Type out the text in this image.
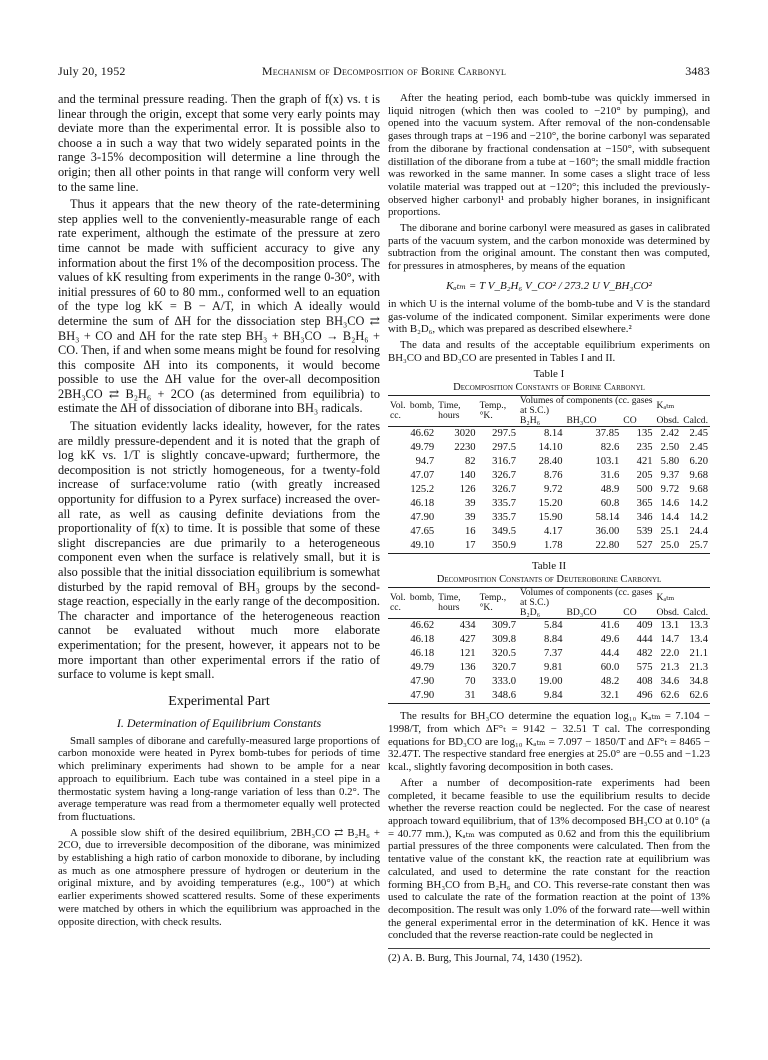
July 20, 1952	Mechanism of Decomposition of Borine Carbonyl	3483

and the terminal pressure reading. Then the graph of f(x) vs. t is linear through the origin, except that some very early points may deviate more than the experimental error. It is possible also to choose a in such a way that two widely separated points in the range 3-15% decomposition will determine a line through the origin; then all other points in that range will conform very well to the same line.

Thus it appears that the new theory of the rate-determining step applies well to the conveniently-measurable range of each rate experiment, although the estimate of the pressure at zero time cannot be made with sufficient accuracy to give any information about the first 1% of the decomposition process. The values of kK resulting from experiments in the range 0-30°, with initial pressures of 60 to 80 mm., conformed well to an equation of the type log kK = B − A/T, in which A ideally would determine the sum of ΔH for the dissociation step BH₃CO ⇄ BH₃ + CO and ΔH for the rate step BH₃ + BH₃CO → B₂H₆ + CO. Then, if and when some means might be found for resolving this composite ΔH into its components, it would become possible to use the ΔH value for the over-all decomposition 2BH₃CO ⇄ B₂H₆ + 2CO (as determined from equilibria) to estimate the ΔH of dissociation of diborane into BH₃ radicals.

The situation evidently lacks ideality, however, for the rates are mildly pressure-dependent and it is noted that the graph of log kK vs. 1/T is slightly concave-upward; furthermore, the decomposition is not strictly homogeneous, for a twenty-fold increase of surface:volume ratio (with greatly increased opportunity for diffusion to a Pyrex surface) increased the over-all rate, as well as causing definite deviations from the proportionality of f(x) to time. It is possible that some of these slight discrepancies are due primarily to a heterogeneous component even when the surface is relatively small, but it is also possible that the initial dissociation equilibrium is somewhat disturbed by the rapid removal of BH₃ groups by the second-stage reaction, especially in the early range of the decomposition. The character and importance of the heterogeneous reaction cannot be evaluated without much more elaborate experimentation; for the present, however, it appears not to be more important than other experimental errors if the ratio of surface to volume is kept small.

Experimental Part
I. Determination of Equilibrium Constants

Small samples of diborane and carefully-measured large proportions of carbon monoxide were heated in Pyrex bomb-tubes for periods of time which preliminary experiments had shown to be ample for a near approach to equilibrium. Each tube was contained in a steel pipe in a thermostatic system having a long-range variation of less than 0.2°. The average temperature was read from a thermometer equally well protected from fluctuations.

A possible slow shift of the desired equilibrium, 2BH₃CO ⇄ B₂H₆ + 2CO, due to irreversible decomposition of the diborane, was minimized by establishing a high ratio of carbon monoxide to diborane, by including as much as one atmosphere pressure of hydrogen or deuterium in the original mixture, and by avoiding temperatures (e.g., 100°) at which earlier experiments showed scattered results. Some of these experiments were matched by others in which the equilibrium was approached in the opposite direction, with check results.

After the heating period, each bomb-tube was quickly immersed in liquid nitrogen (which then was cooled to −210° by pumping), and opened into the vacuum system. After removal of the non-condensable gases through traps at −196 and −210°, the borine carbonyl was separated from the diborane by fractional condensation at −150°, with subsequent distillation of the diborane from a tube at −160°; the small middle fraction was reworked in the same manner. In some cases a slight trace of less volatile material was trapped out at −120°; this included the previously-observed higher carbonyl¹ and probably higher boranes, in insignificant proportions.

The diborane and borine carbonyl were measured as gases in calibrated parts of the vacuum system, and the carbon monoxide was determined by subtraction from the original amount. The constant then was computed, for pressures in atmospheres, by means of the equation

Kₐₜₘ = T V_B₂H₆ V_CO² / 273.2 U V_BH₃CO²

in which U is the internal volume of the bomb-tube and V is the standard gas-volume of the indicated component. Similar experiments were done with B₂D₆, which was prepared as described elsewhere.²

The data and results of the acceptable equilibrium experiments on BH₃CO and BD₃CO are presented in Tables I and II.

Table I
Decomposition Constants of Borine Carbonyl
Vol. bomb, cc.	Time, hours	Temp., °K.	Volumes of components (cc. gases at S.C.)			Kₐₜₘ	
			B₂H₆	BH₃CO	CO	Obsd.	Calcd.
46.62	3020	297.5	8.14	37.85	135	2.42	2.45
49.79	2230	297.5	14.10	82.6	235	2.50	2.45
94.7	82	316.7	28.40	103.1	421	5.80	6.20
47.07	140	326.7	8.76	31.6	205	9.37	9.68
125.2	126	326.7	9.72	48.9	500	9.72	9.68
46.18	39	335.7	15.20	60.8	365	14.6	14.2
47.90	39	335.7	15.90	58.14	346	14.4	14.2
47.65	16	349.5	4.17	36.00	539	25.1	24.4
49.10	17	350.9	1.78	22.80	527	25.0	25.7
Table II
Decomposition Constants of Deuteroborine Carbonyl
Vol. bomb, cc.	Time, hours	Temp., °K.	Volumes of components (cc. gases at S.C.)			Kₐₜₘ	
			B₂D₆	BD₃CO	CO	Obsd.	Calcd.
46.62	434	309.7	5.84	41.6	409	13.1	13.3
46.18	427	309.8	8.84	49.6	444	14.7	13.4
46.18	121	320.5	7.37	44.4	482	22.0	21.1
49.79	136	320.7	9.81	60.0	575	21.3	21.3
47.90	70	333.0	19.00	48.2	408	34.6	34.8
47.90	31	348.6	9.84	32.1	496	62.6	62.6

The results for BH₃CO determine the equation log₁₀ Kₐₜₘ = 7.104 − 1998/T, from which ΔF°ₜ = 9142 − 32.51 T cal. The corresponding equations for BD₃CO are log₁₀ Kₐₜₘ = 7.097 − 1850/T and ΔF°ₜ = 8465 − 32.47T. The respective standard free energies at 25.0° are −0.55 and −1.23 kcal., slightly favoring decomposition in both cases.

After a number of decomposition-rate experiments had been completed, it became feasible to use the equilibrium results to decide whether the reverse reaction could be neglected. For the case of nearest approach toward equilibrium, that of 13% decomposed BH₃CO at 0.10° (a = 40.77 mm.), Kₐₜₘ was computed as 0.62 and from this the equilibrium partial pressures of the three components were calculated. Then from the tentative value of the constant kK, the reaction rate at equilibrium was calculated, and used to determine the rate constant for the reaction forming BH₃CO from B₂H₆ and CO. This reverse-rate constant then was used to calculate the rate of the formation reaction at the point of 13% decomposition. The result was only 1.0% of the forward rate—well within the general experimental error in the determination of kK. Hence it was concluded that the reverse reaction-rate could be neglected in

(2) A. B. Burg, This Journal, 74, 1430 (1952).
